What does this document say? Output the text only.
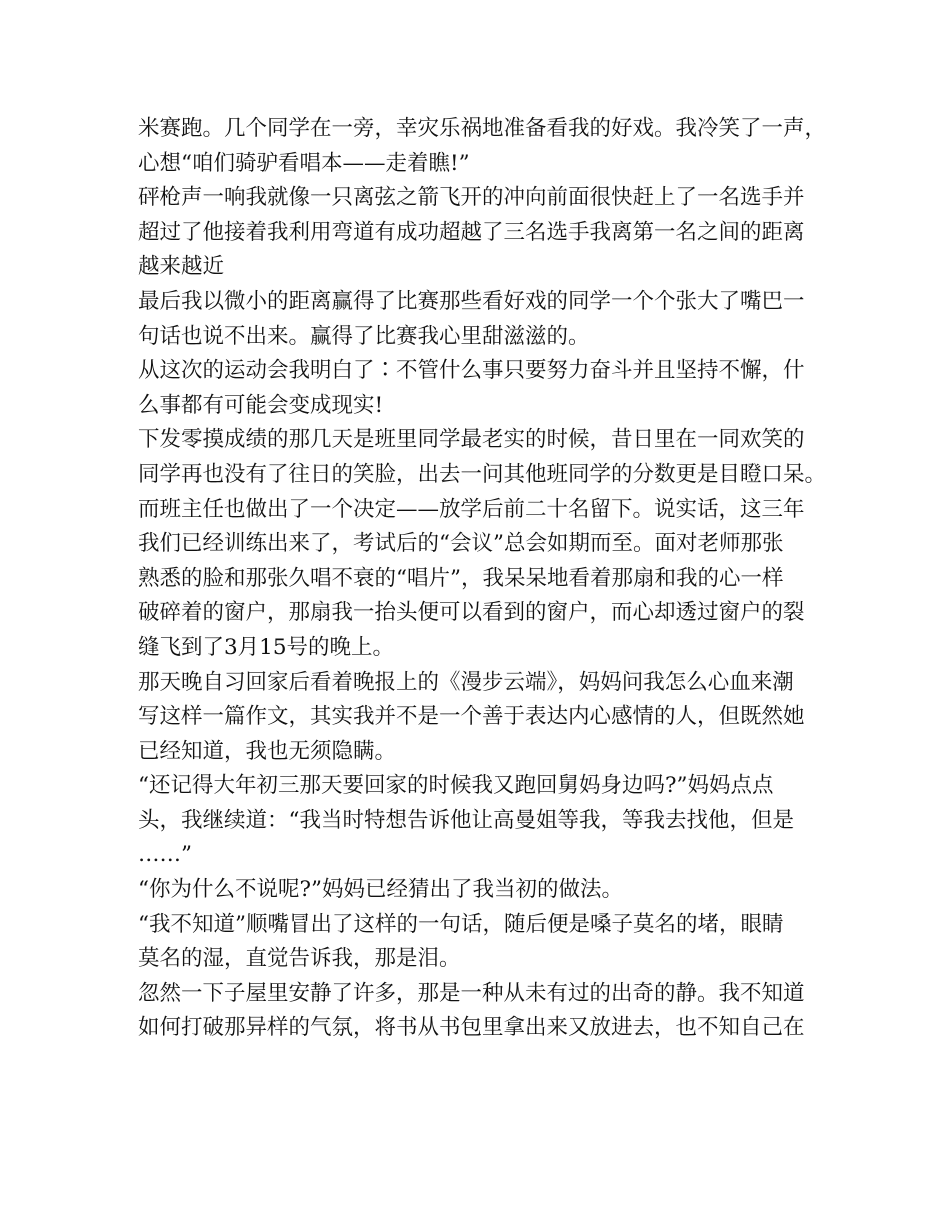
米赛跑。几个同学在一旁，幸灾乐祸地准备看我的好戏。我冷笑了一声，
心想“咱们骑驴看唱本——走着瞧!”
砰枪声一响我就像一只离弦之箭飞开的冲向前面很快赶上了一名选手并
超过了他接着我利用弯道有成功超越了三名选手我离第一名之间的距离
越来越近
最后我以微小的距离赢得了比赛那些看好戏的同学一个个张大了嘴巴一
句话也说不出来。赢得了比赛我心里甜滋滋的。
从这次的运动会我明白了∶不管什么事只要努力奋斗并且坚持不懈，什
么事都有可能会变成现实!
下发零摸成绩的那几天是班里同学最老实的时候，昔日里在一同欢笑的
同学再也没有了往日的笑脸，出去一问其他班同学的分数更是目瞪口呆。
而班主任也做出了一个决定——放学后前二十名留下。说实话，这三年
我们已经训练出来了，考试后的“会议”总会如期而至。面对老师那张
熟悉的脸和那张久唱不衰的“唱片”，我呆呆地看着那扇和我的心一样
破碎着的窗户，那扇我一抬头便可以看到的窗户，而心却透过窗户的裂
缝飞到了3月15号的晚上。
那天晚自习回家后看着晚报上的《漫步云端》，妈妈问我怎么心血来潮
写这样一篇作文，其实我并不是一个善于表达内心感情的人，但既然她
已经知道，我也无须隐瞒。
“还记得大年初三那天要回家的时候我又跑回舅妈身边吗?”妈妈点点
头，我继续道：“我当时特想告诉他让高曼姐等我，等我去找他，但是
……”
“你为什么不说呢?”妈妈已经猜出了我当初的做法。
“我不知道”顺嘴冒出了这样的一句话，随后便是嗓子莫名的堵，眼睛
莫名的湿，直觉告诉我，那是泪。
忽然一下子屋里安静了许多，那是一种从未有过的出奇的静。我不知道
如何打破那异样的气氛，将书从书包里拿出来又放进去，也不知自己在
